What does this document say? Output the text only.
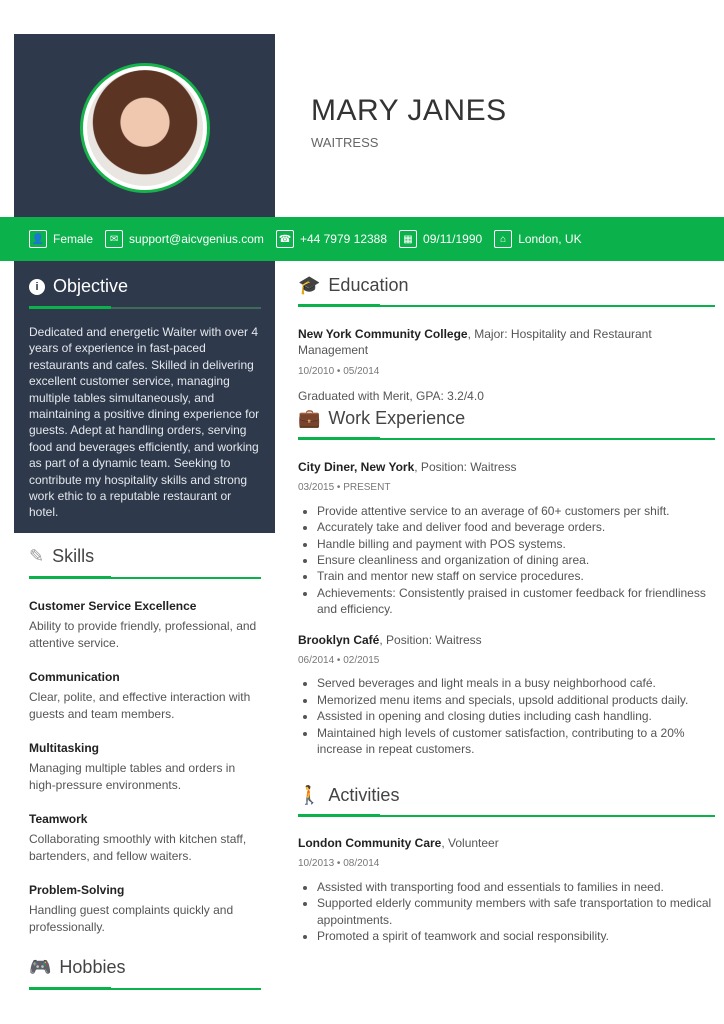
MARY JANES
WAITRESS
👤 Female	✉ support@aicvgenius.com ☎ +44 7979 12388	▦ 09/11/1990	⌂ London, UK
i Objective
Dedicated and energetic Waiter with over 4 years of experience in fast-paced restaurants and cafes. Skilled in delivering excellent customer service, managing multiple tables simultaneously, and maintaining a positive dining experience for guests. Adept at handling orders, serving food and beverages efficiently, and working as part of a dynamic team. Seeking to contribute my hospitality skills and strong work ethic to a reputable restaurant or hotel.
✎ Skills
Customer Service Excellence
Ability to provide friendly, professional, and attentive service.
Communication
Clear, polite, and effective interaction with guests and team members.
Multitasking
Managing multiple tables and orders in high-pressure environments.
Teamwork
Collaborating smoothly with kitchen staff, bartenders, and fellow waiters.
Problem-Solving
Handling guest complaints quickly and professionally.
🎮 Hobbies
🎓 Education
New York Community College, Major: Hospitality and Restaurant Management
10/2010 • 05/2014
Graduated with Merit, GPA: 3.2/4.0
💼 Work Experience
City Diner, New York, Position: Waitress
03/2015 • PRESENT
• Provide attentive service to an average of 60+ customers per shift.
• Accurately take and deliver food and beverage orders.
• Handle billing and payment with POS systems.
• Ensure cleanliness and organization of dining area.
• Train and mentor new staff on service procedures.
• Achievements: Consistently praised in customer feedback for friendliness and efficiency.
Brooklyn Café, Position: Waitress
06/2014 • 02/2015
• Served beverages and light meals in a busy neighborhood café.
• Memorized menu items and specials, upsold additional products daily.
• Assisted in opening and closing duties including cash handling.
• Maintained high levels of customer satisfaction, contributing to a 20% increase in repeat customers.
🚶 Activities
London Community Care, Volunteer
10/2013 • 08/2014
• Assisted with transporting food and essentials to families in need.
• Supported elderly community members with safe transportation to medical appointments.
• Promoted a spirit of teamwork and social responsibility.
